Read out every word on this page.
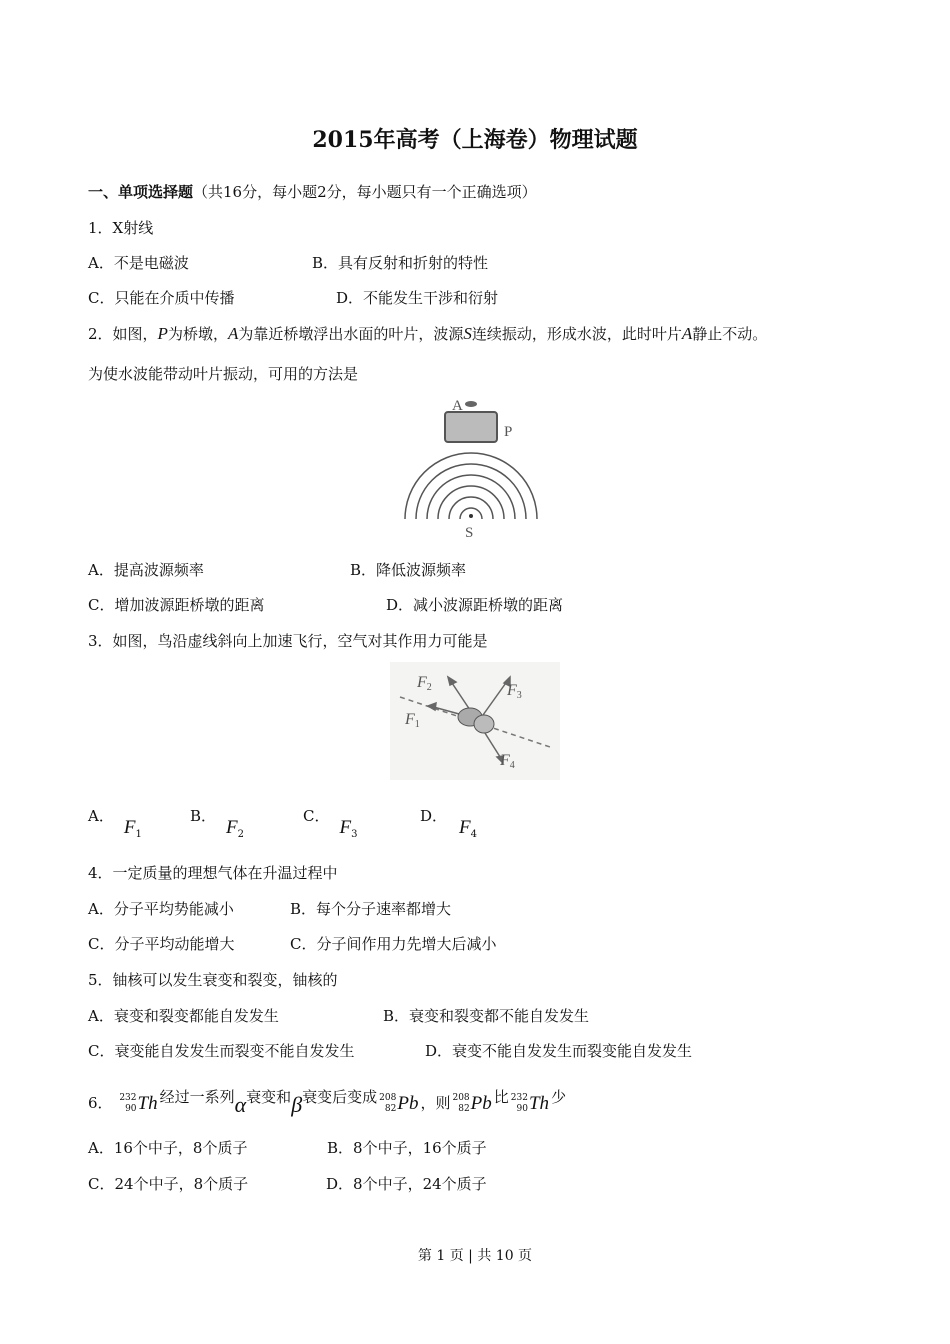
2015年高考（上海卷）物理试题
一、单项选择题（共16分，每小题2分，每小题只有一个正确选项）
1．X射线
A．不是电磁波	B．具有反射和折射的特性
C．只能在介质中传播	D．不能发生干涉和衍射
2．如图，P为桥墩，A为靠近桥墩浮出水面的叶片，波源S连续振动，形成水波，此时叶片A静止不动。
为使水波能带动叶片振动，可用的方法是
A
P
S
A．提高波源频率	B．降低波源频率
C．增加波源距桥墩的距离	D．减小波源距桥墩的距离
3．如图，鸟沿虚线斜向上加速飞行，空气对其作用力可能是
F2	F3
F1
F4
A．$F_1$
B．$F_2$
C．$F_3$
D．$F_4$
4．一定质量的理想气体在升温过程中
A．分子平均势能减小	B．每个分子速率都增大
C．分子平均动能增大	C．分子间作用力先增大后减小
5．铀核可以发生衰变和裂变，铀核的
A．衰变和裂变都能自发发生	B．衰变和裂变都不能自发发生
C．衰变能自发发生而裂变不能自发发生	D．衰变不能自发发生而裂变能自发发生
6． 232
90 Th 经过一系列α衰变和β衰变后变成 208
82 Pb ，则 208
82 Pb 比 232
90 Th 少
A．16个中子，8个质子	B．8个中子，16个质子
C．24个中子，8个质子	D．8个中子，24个质子
第 1 页 | 共 10 页
